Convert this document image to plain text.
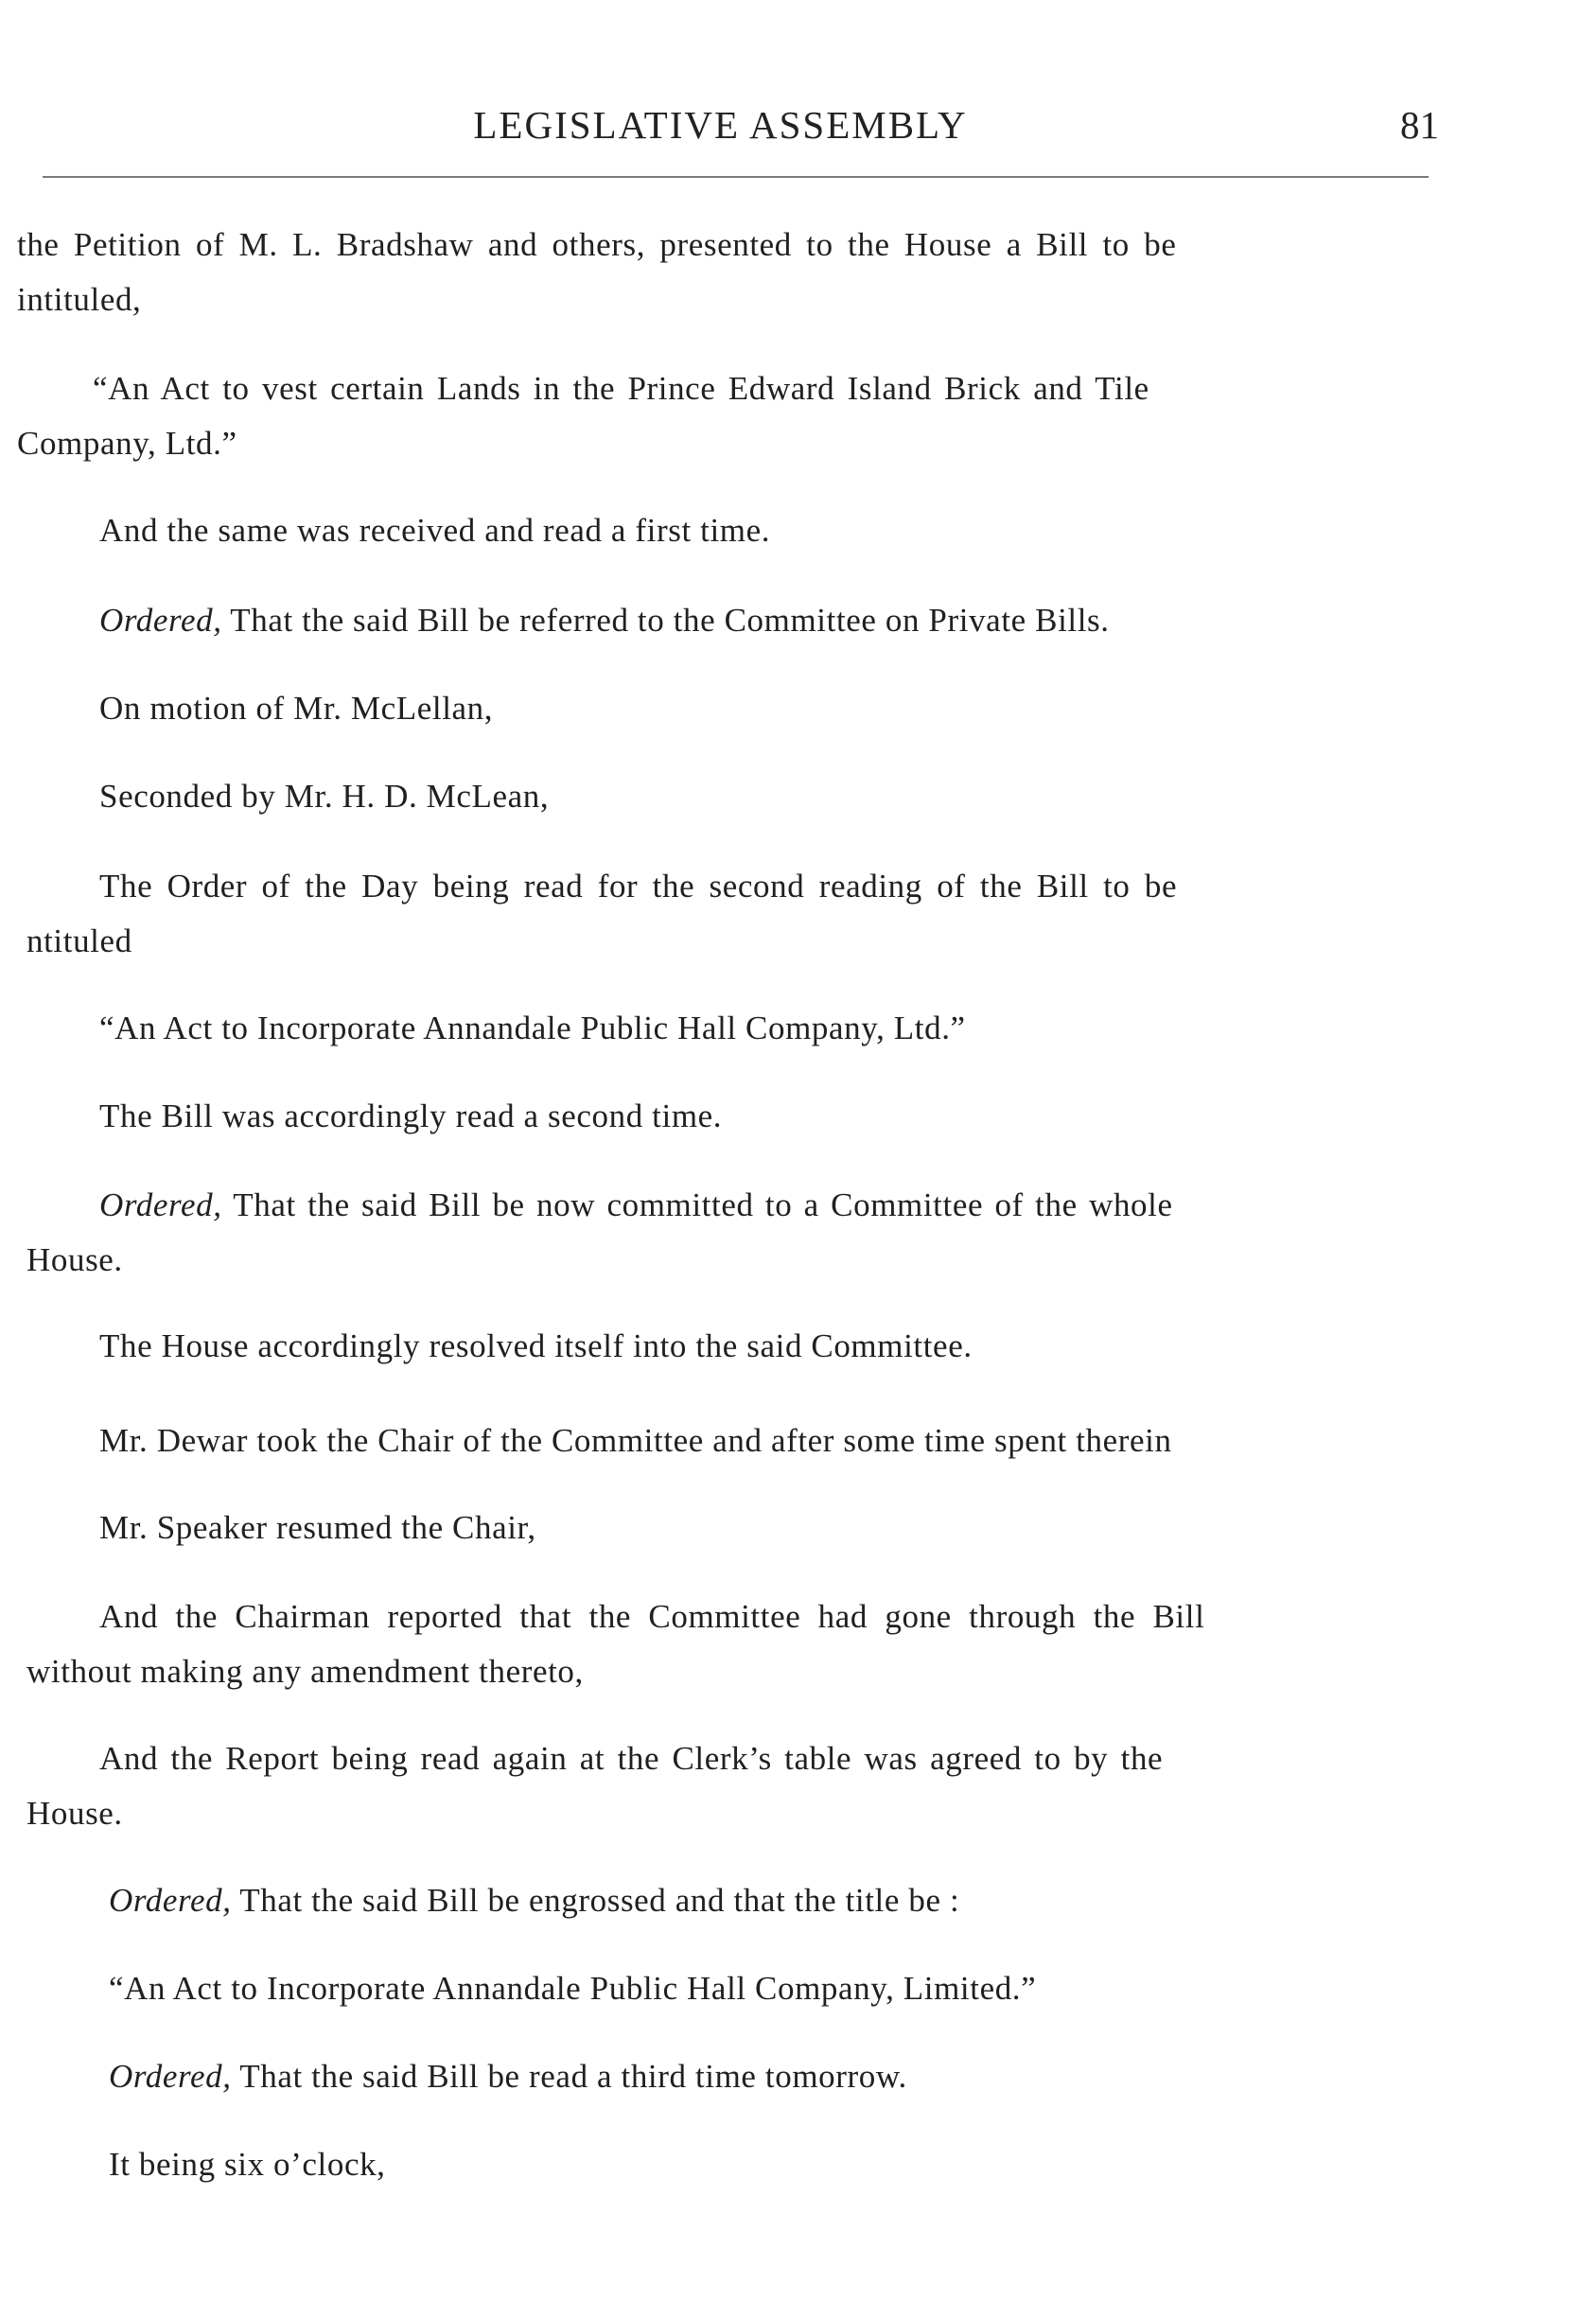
LEGISLATIVE ASSEMBLY	81

the Petition of M. L. Bradshaw and others, presented to the House a Bill to be
intituled,

“An Act to vest certain Lands in the Prince Edward Island Brick and Tile
Company, Ltd.”

And the same was received and read a first time.

Ordered, That the said Bill be referred to the Committee on Private Bills.

On motion of Mr. McLellan,

Seconded by Mr. H. D. McLean,

The Order of the Day being read for the second reading of the Bill to be
ntituled

“An Act to Incorporate Annandale Public Hall Company, Ltd.”

The Bill was accordingly read a second time.

Ordered, That the said Bill be now committed to a Committee of the whole
House.

The House accordingly resolved itself into the said Committee.

Mr. Dewar took the Chair of the Committee and after some time spent therein

Mr. Speaker resumed the Chair,

And the Chairman reported that the Committee had gone through the Bill
without making any amendment thereto,

And the Report being read again at the Clerk’s table was agreed to by the
House.

Ordered, That the said Bill be engrossed and that the title be :

“An Act to Incorporate Annandale Public Hall Company, Limited.”

Ordered, That the said Bill be read a third time tomorrow.

It being six o’clock,
